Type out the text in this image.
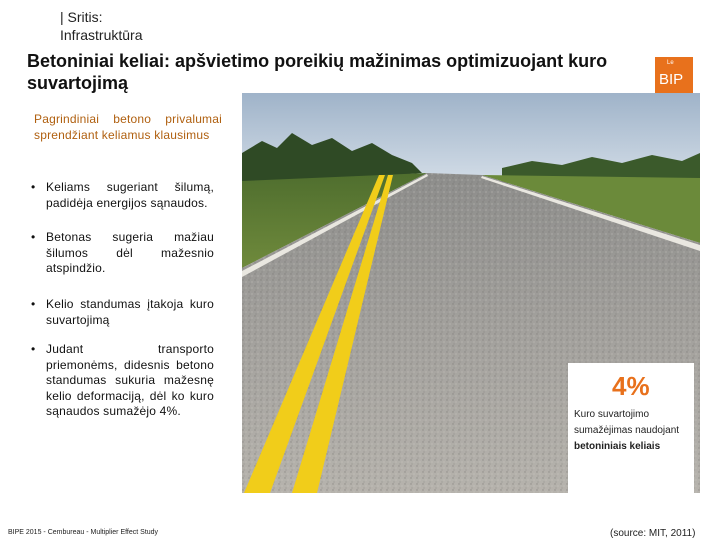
| Sritis:
Infrastruktūra
Betoniniai keliai: apšvietimo poreikių mažinimas optimizuojant kuro suvartojimą
Le
BIP
4%
Kuro suvartojimo
sumažėjimas naudojant
betoniniais keliais
Pagrindiniai betono privalumai sprendžiant keliamus klausimus
• Keliams sugeriant šilumą, padidėja energijos sąnaudos.
• Betonas sugeria mažiau šilumos dėl mažesnio atspindžio.
• Kelio standumas įtakoja kuro suvartojimą
• Judant transporto priemonėms, didesnis betono standumas sukuria mažesnę kelio deformaciją, dėl ko kuro sąnaudos sumažėjo 4%.
BIPE 2015 - Cembureau - Multiplier Effect Study	(source: MIT, 2011)
